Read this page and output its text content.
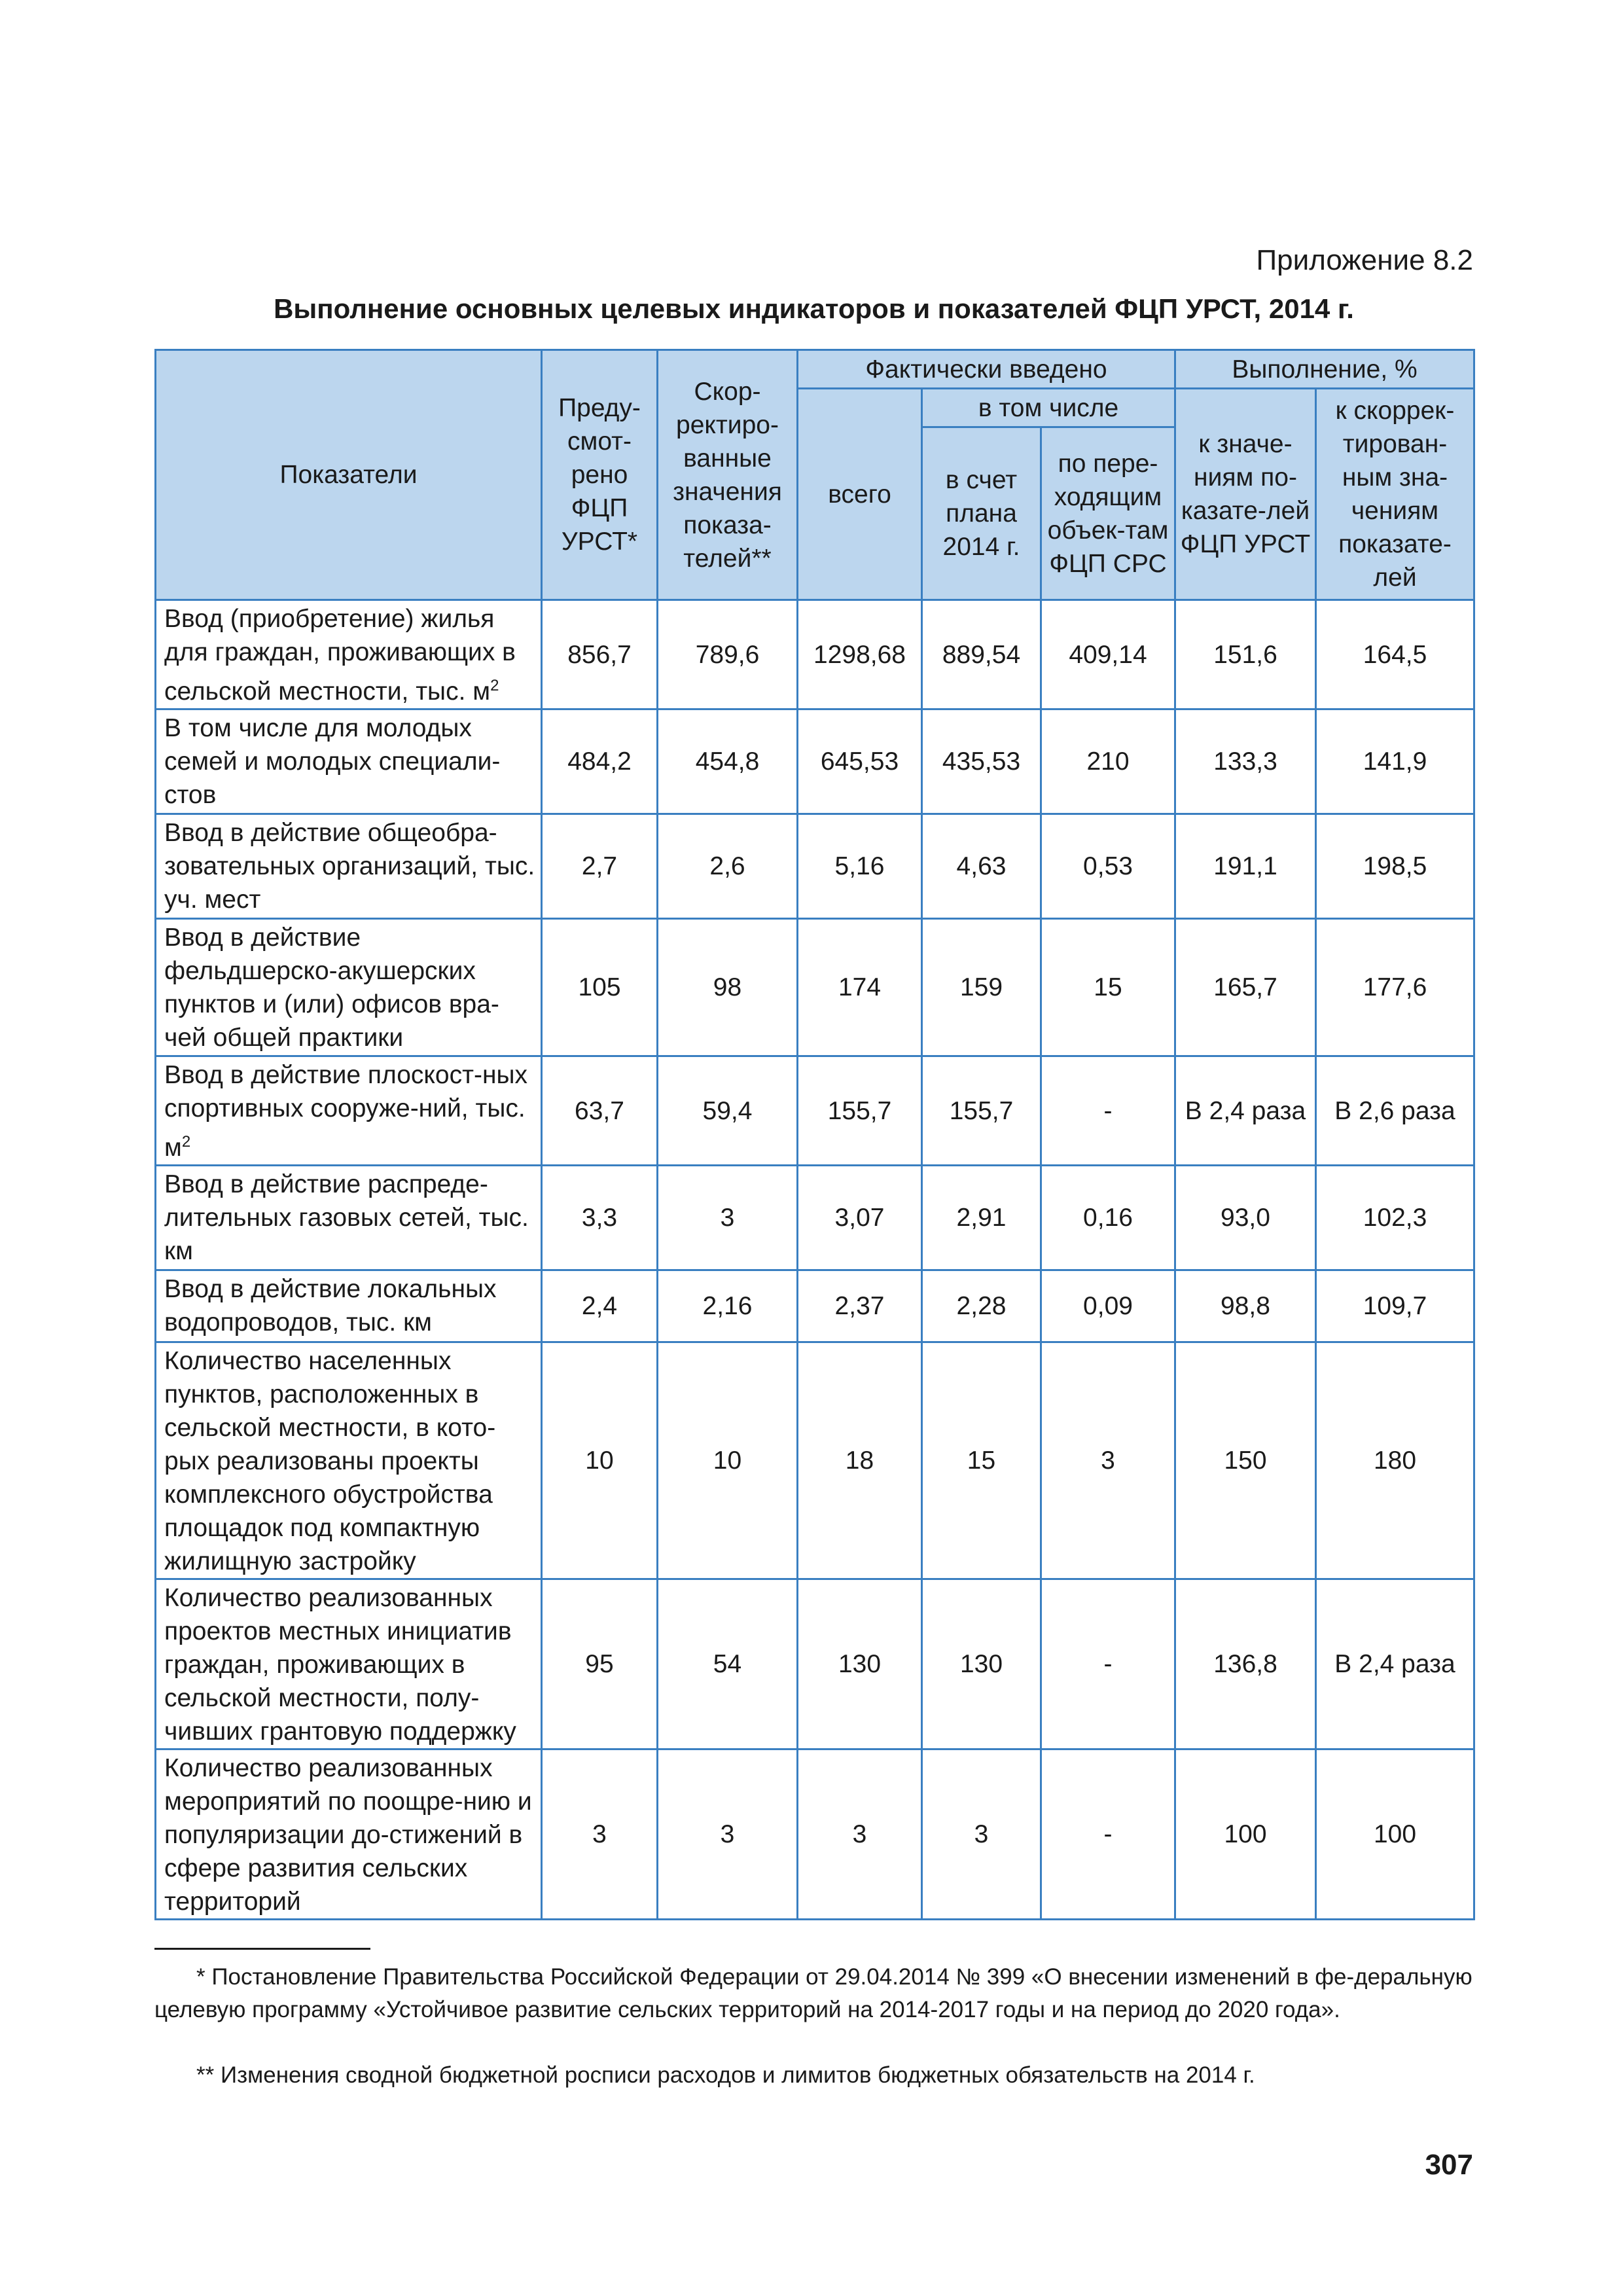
Приложение 8.2
Выполнение основных целевых индикаторов и показателей ФЦП УРСТ, 2014 г.
Показатели	Преду-смот-рено ФЦП УРСТ*	Скор-ректиро-ванные значения показа-телей**	Фактически введено			Выполнение, %	
			всего	в том числе		к значе-ниям по-казате-лей ФЦП УРСТ	к скоррек-тирован-ным зна-чениям показате-лей
				в счет плана 2014 г.	по пере-ходящим объек-там ФЦП СРС		
Ввод (приобретение) жилья для граждан, проживающих в сельской местности, тыс. $м^2$	856,7	789,6	1298,68	889,54	409,14	151,6	164,5
В том числе для молодых семей и молодых специали-стов	484,2	454,8	645,53	435,53	210	133,3	141,9
Ввод в действие общеобра-зовательных организаций, тыс. уч. мест	2,7	2,6	5,16	4,63	0,53	191,1	198,5
Ввод в действие фельдшерско-акушерских пунктов и (или) офисов вра-чей общей практики	105	98	174	159	15	165,7	177,6
Ввод в действие плоскост-ных спортивных сооруже-ний, тыс. $м^2$	63,7	59,4	155,7	155,7	-	В 2,4 раза	В 2,6 раза
Ввод в действие распреде-лительных газовых сетей, тыс. км	3,3	3	3,07	2,91	0,16	93,0	102,3
Ввод в действие локальных водопроводов, тыс. км	2,4	2,16	2,37	2,28	0,09	98,8	109,7
Количество населенных пунктов, расположенных в сельской местности, в кото-рых реализованы проекты комплексного обустройства площадок под компактную жилищную застройку	10	10	18	15	3	150	180
Количество реализованных проектов местных инициатив граждан, проживающих в сельской местности, полу-чивших грантовую поддержку	95	54	130	130	-	136,8	В 2,4 раза
Количество реализованных мероприятий по поощре-нию и популяризации до-стижений в сфере развития сельских территорий	3	3	3	3	-	100	100
* Постановление Правительства Российской Федерации от 29.04.2014 № 399 «О внесении изменений в фе-деральную целевую программу «Устойчивое развитие сельских территорий на 2014-2017 годы и на период до 2020 года».
** Изменения сводной бюджетной росписи расходов и лимитов бюджетных обязательств на 2014 г.
307
